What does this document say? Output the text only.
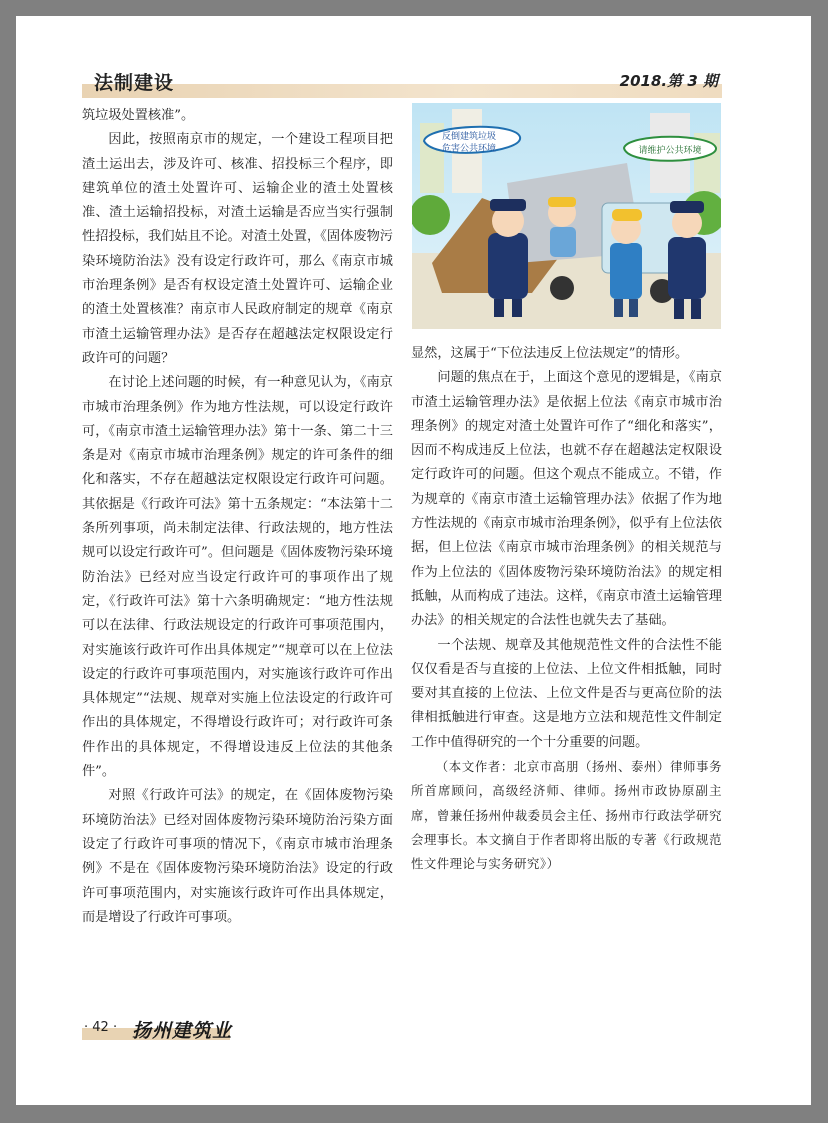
法制建设	2018.第 3 期

筑垃圾处置核准”。

因此，按照南京市的规定，一个建设工程项目把渣土运出去，涉及许可、核准、招投标三个程序，即建筑单位的渣土处置许可、运输企业的渣土处置核准、渣土运输招投标，对渣土运输是否应当实行强制性招投标，我们姑且不论。对渣土处置，《固体废物污染环境防治法》没有设定行政许可，那么《南京市城市治理条例》是否有权设定渣土处置许可、运输企业的渣土处置核准？南京市人民政府制定的规章《南京市渣土运输管理办法》是否存在超越法定权限设定行政许可的问题？

在讨论上述问题的时候，有一种意见认为，《南京市城市治理条例》作为地方性法规，可以设定行政许可，《南京市渣土运输管理办法》第十一条、第二十三条是对《南京市城市治理条例》规定的许可条件的细化和落实，不存在超越法定权限设定行政许可问题。其依据是《行政许可法》第十五条规定：“本法第十二条所列事项，尚未制定法律、行政法规的，地方性法规可以设定行政许可”。但问题是《固体废物污染环境防治法》已经对应当设定行政许可的事项作出了规定，《行政许可法》第十六条明确规定：“地方性法规可以在法律、行政法规设定的行政许可事项范围内，对实施该行政许可作出具体规定”“规章可以在上位法设定的行政许可事项范围内，对实施该行政许可作出具体规定”“法规、规章对实施上位法设定的行政许可作出的具体规定，不得增设行政许可；对行政许可条件作出的具体规定，不得增设违反上位法的其他条件”。

对照《行政许可法》的规定，在《固体废物污染环境防治法》已经对固体废物污染环境防治污染方面设定了行政许可事项的情况下，《南京市城市治理条例》不是在《固体废物污染环境防治法》设定的行政许可事项范围内，对实施该行政许可作出具体规定，而是增设了行政许可事项。

反倒建筑垃圾
危害公共环境	请维护公共环境

显然，这属于“下位法违反上位法规定”的情形。

问题的焦点在于，上面这个意见的逻辑是，《南京市渣土运输管理办法》是依据上位法《南京市城市治理条例》的规定对渣土处置许可作了“细化和落实”，因而不构成违反上位法，也就不存在超越法定权限设定行政许可的问题。但这个观点不能成立。不错，作为规章的《南京市渣土运输管理办法》依据了作为地方性法规的《南京市城市治理条例》，似乎有上位法依据，但上位法《南京市城市治理条例》的相关规范与作为上位法的《固体废物污染环境防治法》的规定相抵触，从而构成了违法。这样，《南京市渣土运输管理办法》的相关规定的合法性也就失去了基础。

一个法规、规章及其他规范性文件的合法性不能仅仅看是否与直接的上位法、上位文件相抵触，同时要对其直接的上位法、上位文件是否与更高位阶的法律相抵触进行审查。这是地方立法和规范性文件制定工作中值得研究的一个十分重要的问题。

（本文作者：北京市高朋（扬州、泰州）律师事务所首席顾问，高级经济师、律师。扬州市政协原副主席，曾兼任扬州仲裁委员会主任、扬州市行政法学研究会理事长。本文摘自于作者即将出版的专著《行政规范性文件理论与实务研究》）

· 42 · 扬州建筑业
